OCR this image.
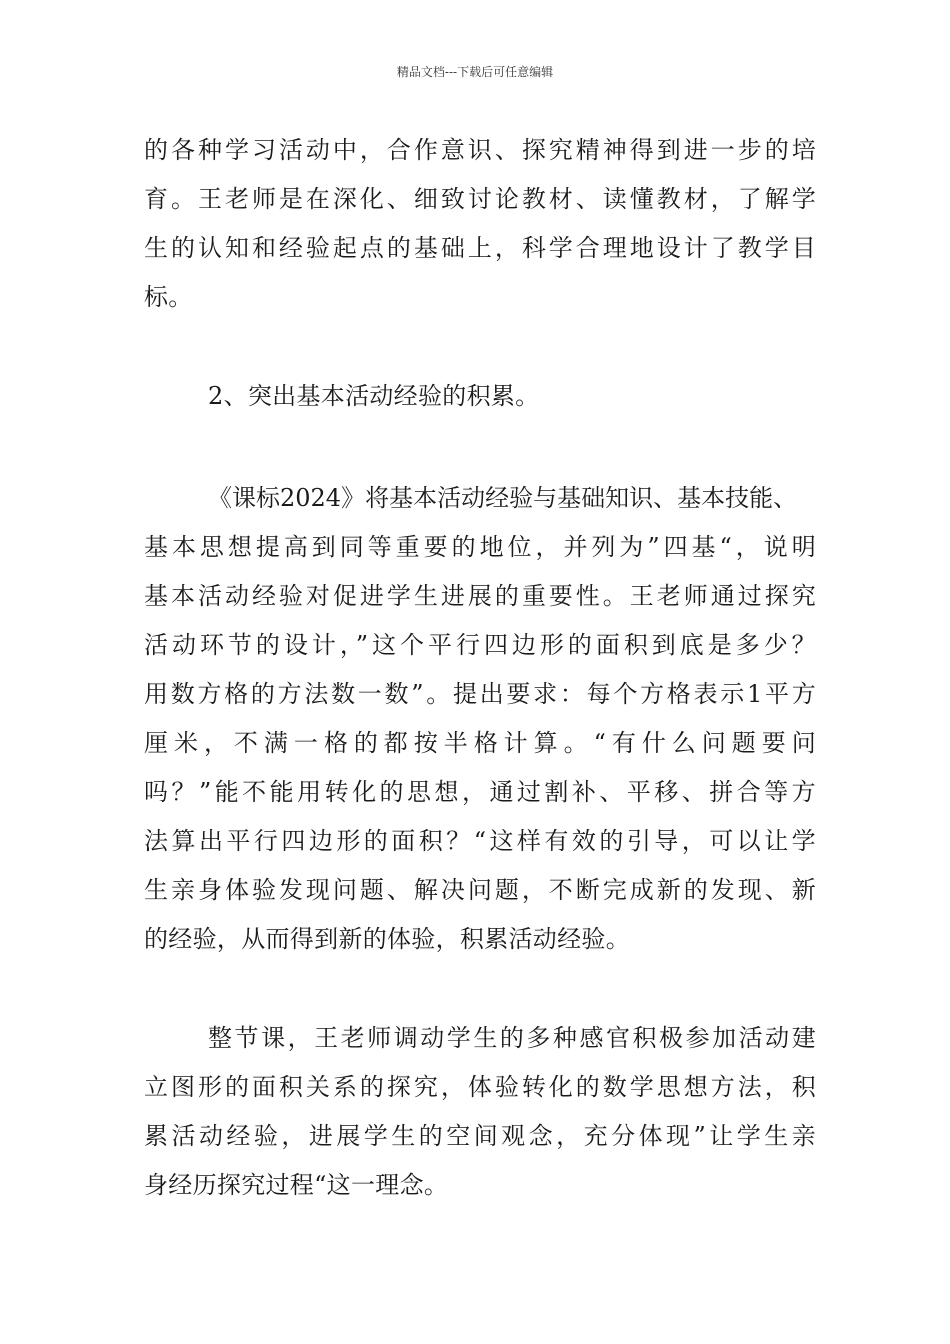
精品文档---下载后可任意编辑
的各种学习活动中，合作意识、探究精神得到进一步的培
育。王老师是在深化、细致讨论教材、读懂教材，了解学
生的认知和经验起点的基础上，科学合理地设计了教学目
标。
2、突出基本活动经验的积累。
《课标2024》将基本活动经验与基础知识、基本技能、
基本思想提高到同等重要的地位，并列为”四基“，说明
基本活动经验对促进学生进展的重要性。王老师通过探究
活动环节的设计，”这个平行四边形的面积到底是多少？
用数方格的方法数一数”。提出要求：每个方格表示1平方
厘米，不满一格的都按半格计算。“有什么问题要问
吗？”能不能用转化的思想，通过割补、平移、拼合等方
法算出平行四边形的面积？“这样有效的引导，可以让学
生亲身体验发现问题、解决问题，不断完成新的发现、新
的经验，从而得到新的体验，积累活动经验。
整节课，王老师调动学生的多种感官积极参加活动建
立图形的面积关系的探究，体验转化的数学思想方法，积
累活动经验，进展学生的空间观念，充分体现”让学生亲
身经历探究过程“这一理念。
